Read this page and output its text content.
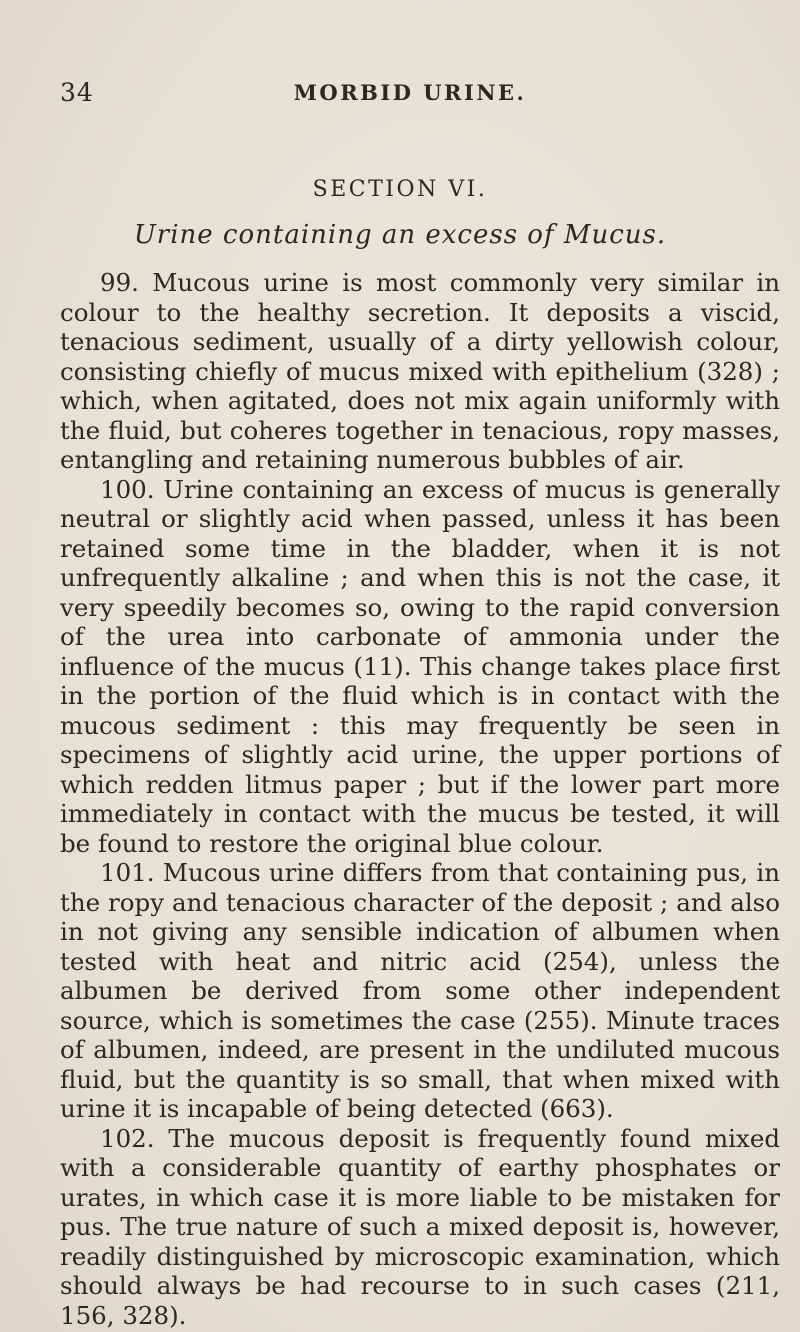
34	MORBID URINE.
SECTION VI.
Urine containing an excess of Mucus.

99. Mucous urine is most commonly very similar in colour to the healthy secretion. It deposits a viscid, tenacious sediment, usually of a dirty yellowish colour, consisting chiefly of mucus mixed with epithelium (328) ; which, when agitated, does not mix again uniformly with the fluid, but coheres together in tenacious, ropy masses, entangling and retaining numerous bubbles of air.

100. Urine containing an excess of mucus is generally neutral or slightly acid when passed, unless it has been retained some time in the bladder, when it is not unfrequently alkaline ; and when this is not the case, it very speedily becomes so, owing to the rapid conversion of the urea into carbonate of ammonia under the influence of the mucus (11). This change takes place first in the portion of the fluid which is in contact with the mucous sediment : this may frequently be seen in specimens of slightly acid urine, the upper portions of which redden litmus paper ; but if the lower part more immediately in contact with the mucus be tested, it will be found to restore the original blue colour.

101. Mucous urine differs from that containing pus, in the ropy and tenacious character of the deposit ; and also in not giving any sensible indication of albumen when tested with heat and nitric acid (254), unless the albumen be derived from some other independent source, which is sometimes the case (255). Minute traces of albumen, indeed, are present in the undiluted mucous fluid, but the quantity is so small, that when mixed with urine it is incapable of being detected (663).

102. The mucous deposit is frequently found mixed with a considerable quantity of earthy phosphates or urates, in which case it is more liable to be mistaken for pus. The true nature of such a mixed deposit is, however, readily distinguished by microscopic examination, which should always be had recourse to in such cases (211, 156, 328).
